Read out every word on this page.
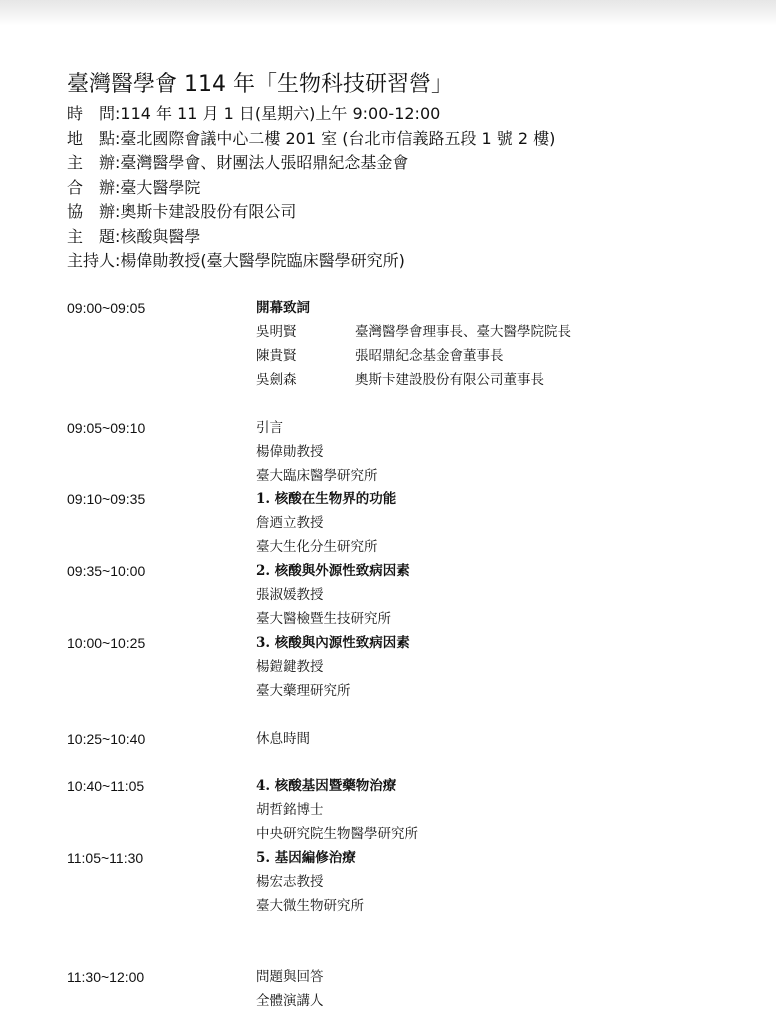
臺灣醫學會 114 年「生物科技研習營」
時　問:114 年 11 月 1 日(星期六)上午 9:00-12:00
地　點:臺北國際會議中心二樓 201 室 (台北市信義路五段 1 號 2 樓)
主　辦:臺灣醫學會、財團法人張昭鼎紀念基金會
合　辦:臺大醫學院
協　辦:奧斯卡建設股份有限公司
主　題:核酸與醫學
主持人:楊偉勛教授(臺大醫學院臨床醫學研究所)
09:00~09:05	開幕致詞
吳明賢	臺灣醫學會理事長、臺大醫學院院長
陳貴賢	張昭鼎紀念基金會董事長
吳劍森	奧斯卡建設股份有限公司董事長
09:05~09:10	引言
楊偉勛教授
臺大臨床醫學研究所
09:10~09:35	1. 核酸在生物界的功能
詹迺立教授
臺大生化分生研究所
09:35~10:00	2. 核酸與外源性致病因素
張淑媛教授
臺大醫檢暨生技研究所
10:00~10:25	3. 核酸與內源性致病因素
楊鎧鍵教授
臺大藥理研究所
10:25~10:40	休息時間
10:40~11:05	4. 核酸基因暨藥物治療
胡哲銘博士
中央研究院生物醫學研究所
11:05~11:30	5. 基因編修治療
楊宏志教授
臺大微生物研究所
11:30~12:00	問題與回答
全體演講人
